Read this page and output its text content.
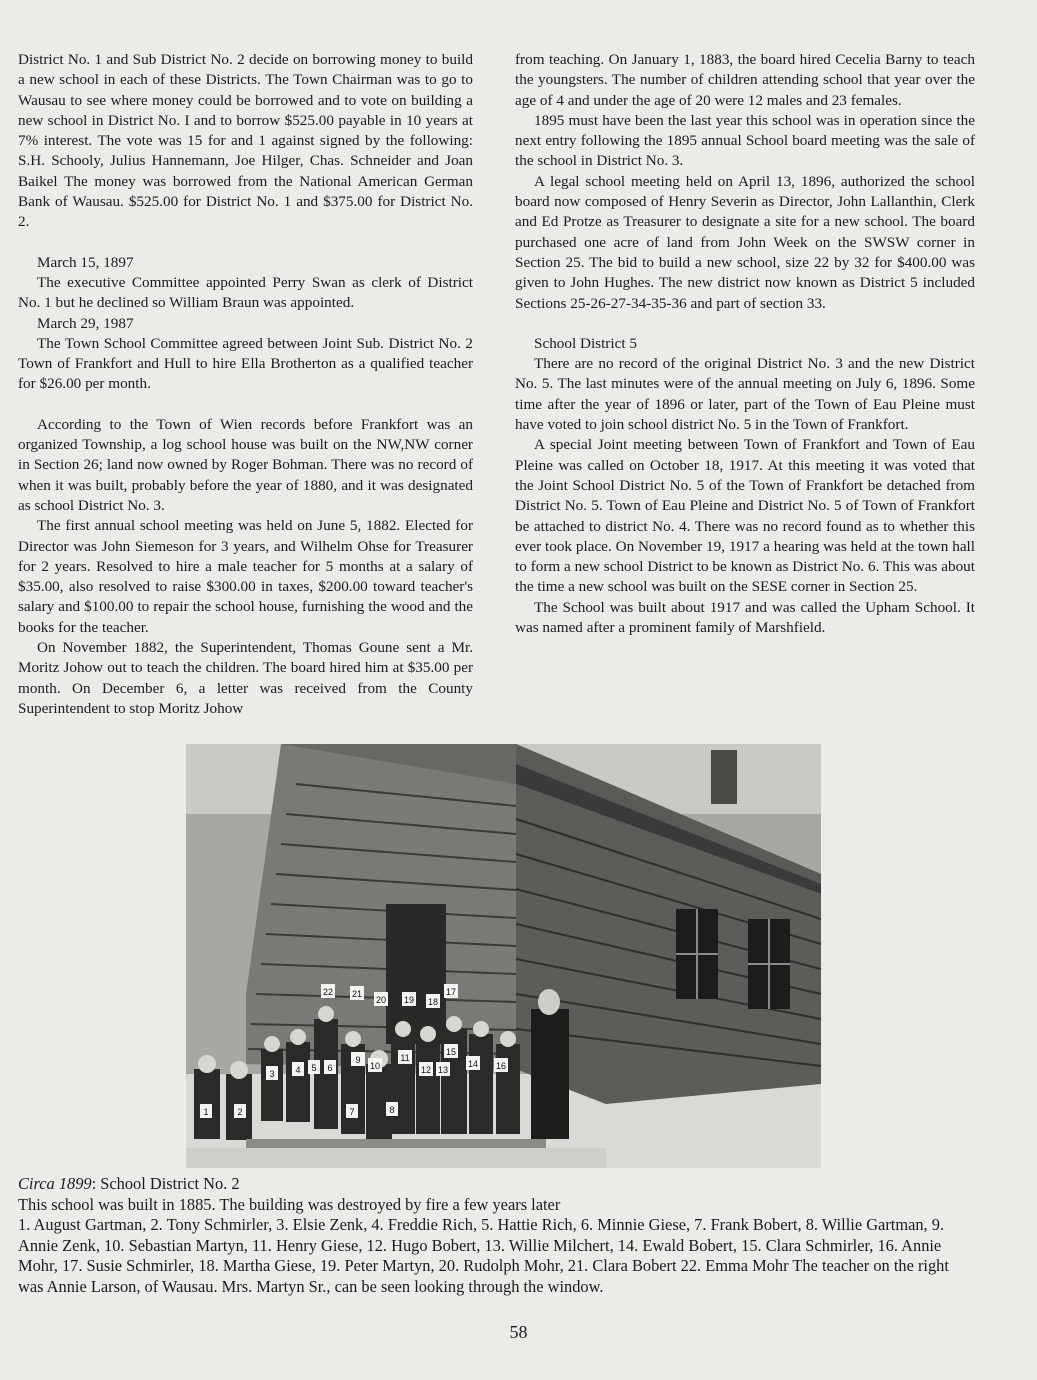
District No. 1 and Sub District No. 2 decide on borrowing money to build a new school in each of these Districts. The Town Chairman was to go to Wausau to see where money could be borrowed and to vote on building a new school in District No. I and to borrow $525.00 payable in 10 years at 7% interest. The vote was 15 for and 1 against signed by the following: S.H. Schooly, Julius Hannemann, Joe Hilger, Chas. Schneider and Joan Baikel The money was borrowed from the National American German Bank of Wausau. $525.00 for District No. 1 and $375.00 for District No. 2.

March 15, 1897

The executive Committee appointed Perry Swan as clerk of District No. 1 but he declined so William Braun was appointed.

March 29, 1987

The Town School Committee agreed between Joint Sub. District No. 2 Town of Frankfort and Hull to hire Ella Brotherton as a qualified teacher for $26.00 per month.

According to the Town of Wien records before Frankfort was an organized Township, a log school house was built on the NW,NW corner in Section 26; land now owned by Roger Bohman. There was no record of when it was built, probably before the year of 1880, and it was designated as school District No. 3.

The first annual school meeting was held on June 5, 1882. Elected for Director was John Siemeson for 3 years, and Wilhelm Ohse for Treasurer for 2 years. Resolved to hire a male teacher for 5 months at a salary of $35.00, also resolved to raise $300.00 in taxes, $200.00 toward teacher's salary and $100.00 to repair the school house, furnishing the wood and the books for the teacher.

On November 1882, the Superintendent, Thomas Goune sent a Mr. Moritz Johow out to teach the children. The board hired him at $35.00 per month. On December 6, a letter was received from the County Superintendent to stop Moritz Johow

from teaching. On January 1, 1883, the board hired Cecelia Barny to teach the youngsters. The number of children attending school that year over the age of 4 and under the age of 20 were 12 males and 23 females.

1895 must have been the last year this school was in operation since the next entry following the 1895 annual School board meeting was the sale of the school in District No. 3.

A legal school meeting held on April 13, 1896, authorized the school board now composed of Henry Severin as Director, John Lallanthin, Clerk and Ed Protze as Treasurer to designate a site for a new school. The board purchased one acre of land from John Week on the SWSW corner in Section 25. The bid to build a new school, size 22 by 32 for $400.00 was given to John Hughes. The new district now known as District 5 included Sections 25-26-27-34-35-36 and part of section 33.

School District 5

There are no record of the original District No. 3 and the new District No. 5. The last minutes were of the annual meeting on July 6, 1896. Some time after the year of 1896 or later, part of the Town of Eau Pleine must have voted to join school district No. 5 in the Town of Frankfort.

A special Joint meeting between Town of Frankfort and Town of Eau Pleine was called on October 18, 1917. At this meeting it was voted that the Joint School District No. 5 of the Town of Frankfort be detached from District No. 5. Town of Eau Pleine and District No. 5 of Town of Frankfort be attached to district No. 4. There was no record found as to whether this ever took place. On November 19, 1917 a hearing was held at the town hall to form a new school District to be known as District No. 6. This was about the time a new school was built on the SESE corner in Section 25.

The School was built about 1917 and was called the Upham School. It was named after a prominent family of Marshfield.

1	2
3 4 5 6
7	8
9
10
11
12 13
14
15
16
17
18
19
20
21
22

Circa 1899: School District No. 2

This school was built in 1885. The building was destroyed by fire a few years later

1. August Gartman, 2. Tony Schmirler, 3. Elsie Zenk, 4. Freddie Rich, 5. Hattie Rich, 6. Minnie Giese, 7. Frank Bobert, 8. Willie Gartman, 9. Annie Zenk, 10. Sebastian Martyn, 11. Henry Giese, 12. Hugo Bobert, 13. Willie Milchert, 14. Ewald Bobert, 15. Clara Schmirler, 16. Annie Mohr, 17. Susie Schmirler, 18. Martha Giese, 19. Peter Martyn, 20. Rudolph Mohr, 21. Clara Bobert 22. Emma Mohr The teacher on the right was Annie Larson, of Wausau. Mrs. Martyn Sr., can be seen looking through the window.

58
